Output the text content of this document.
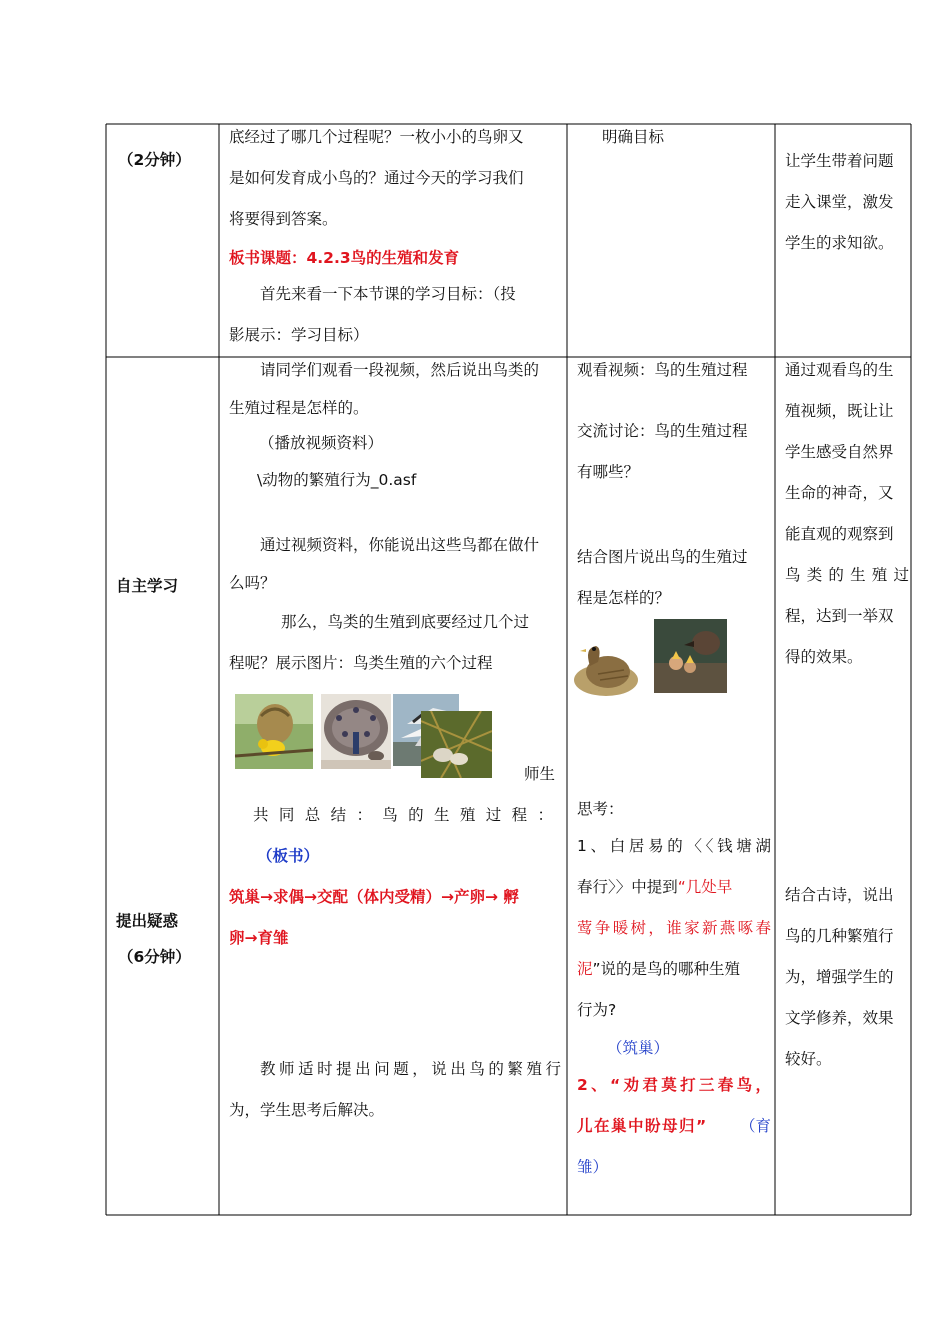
（2分钟）
自主学习
提出疑惑
（6分钟）

底经过了哪几个过程呢？一枚小小的鸟卵又

是如何发育成小鸟的？通过今天的学习我们

将要得到答案。

板书课题：4.2.3鸟的生殖和发育

首先来看一下本节课的学习目标：（投

影展示：学习目标）

明确目标

让学生带着问题

走入课堂，激发

学生的求知欲。

请同学们观看一段视频，然后说出鸟类的

生殖过程是怎样的。

（播放视频资料）

\动物的繁殖行为_0.asf

通过视频资料，你能说出这些鸟都在做什

么吗？

那么，鸟类的生殖到底要经过几个过

程呢？展示图片：鸟类生殖的六个过程

师生

共同总结：鸟的生殖过程：

（板书）

筑巢→求偶→交配（体内受精）→产卵→ 孵

卵→育雏

教师适时提出问题，说出鸟的繁殖行

为，学生思考后解决。

观看视频：鸟的生殖过程

交流讨论：鸟的生殖过程

有哪些？

结合图片说出鸟的生殖过

程是怎样的？

思考：

1、白居易的〈〈钱塘湖

春行〉〉中提到“几处早

莺争暖树，谁家新燕啄春

泥”说的是鸟的哪种生殖

行为?

（筑巢）

2、“劝君莫打三春鸟，

儿在巢中盼母归” （育

雏）

通过观看鸟的生

殖视频，既让让

学生感受自然界

生命的神奇，又

能直观的观察到

鸟类的生殖过

程，达到一举双

得的效果。

结合古诗，说出

鸟的几种繁殖行

为，增强学生的

文学修养，效果

较好。
